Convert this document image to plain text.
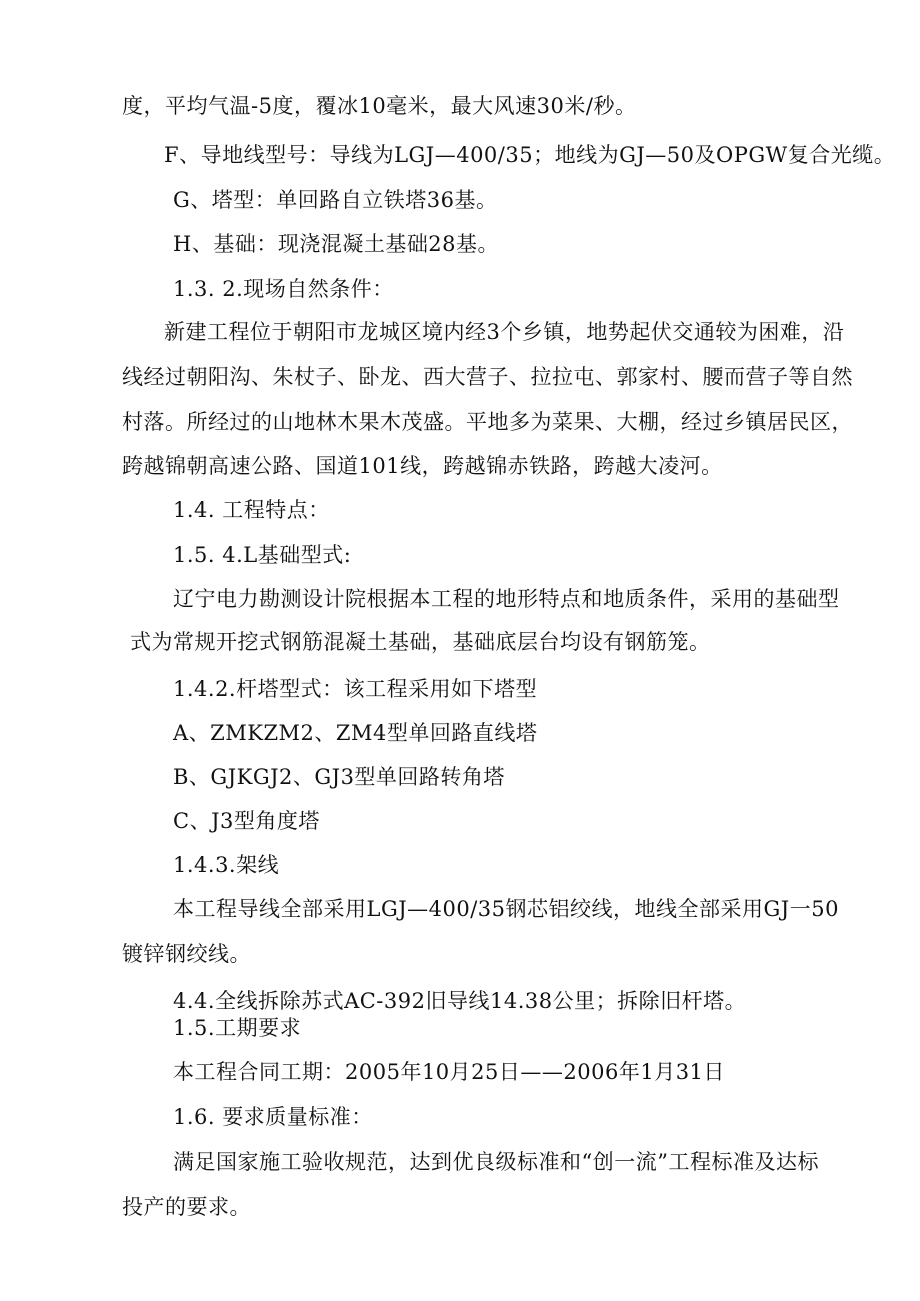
度，平均气温-5度，覆冰10毫米，最大风速30米/秒。
F、导地线型号：导线为LGJ—400/35；地线为GJ—50及OPGW复合光缆。
G、塔型：单回路自立铁塔36基。
H、基础：现浇混凝土基础28基。
1.3. 2.现场自然条件：
新建工程位于朝阳市龙城区境内经3个乡镇，地势起伏交通较为困难，沿
线经过朝阳沟、朱杖子、卧龙、西大营子、拉拉屯、郭家村、腰而营子等自然
村落。所经过的山地林木果木茂盛。平地多为菜果、大棚，经过乡镇居民区，
跨越锦朝高速公路、国道101线，跨越锦赤铁路，跨越大凌河。
1.4. 工程特点：
1.5. 4.L基础型式:
辽宁电力勘测设计院根据本工程的地形特点和地质条件，采用的基础型
式为常规开挖式钢筋混凝土基础，基础底层台均设有钢筋笼。
1.4.2.杆塔型式：该工程采用如下塔型
A、ZMKZM2、ZM4型单回路直线塔
B、GJKGJ2、GJ3型单回路转角塔
C、J3型角度塔
1.4.3.架线
本工程导线全部采用LGJ—400/35钢芯铝绞线，地线全部采用GJ一50
镀锌钢绞线。
4.4.全线拆除苏式AC-392旧导线14.38公里；拆除旧杆塔。
1.5.工期要求
本工程合同工期：2005年10月25日——2006年1月31日
1.6. 要求质量标准：
满足国家施工验收规范，达到优良级标准和“创一流”工程标准及达标
投产的要求。
